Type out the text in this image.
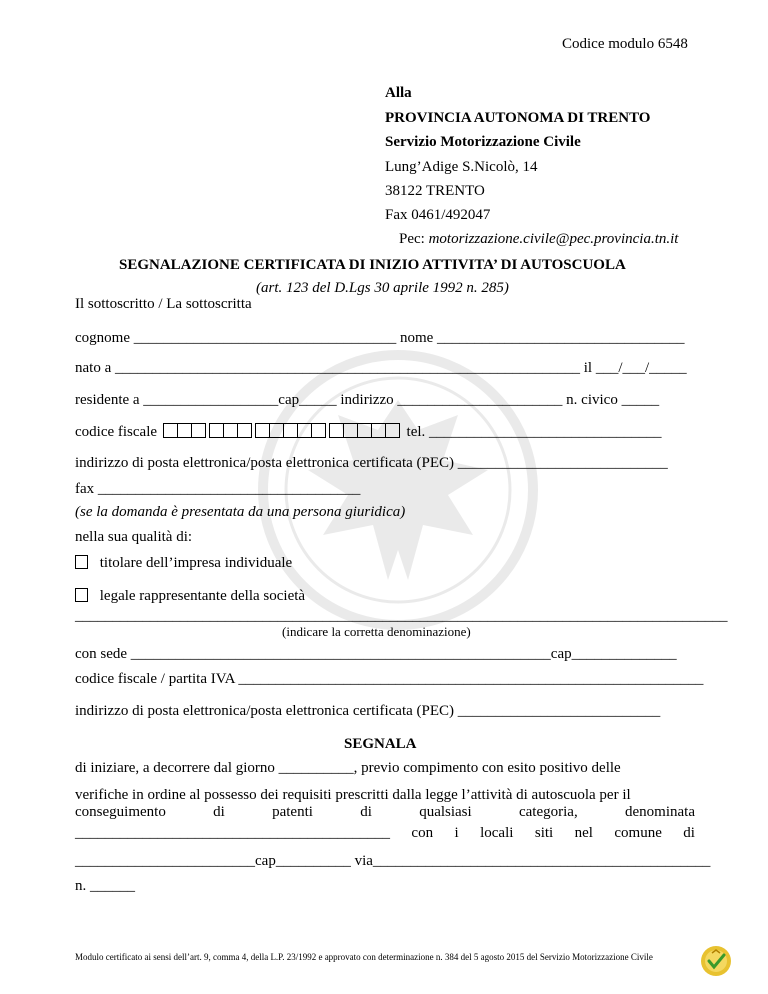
Codice modulo 6548
Alla
PROVINCIA AUTONOMA DI TRENTO
Servizio Motorizzazione Civile
Lung’Adige S.Nicolò, 14
38122 TRENTO
Fax 0461/492047
Pec: motorizzazione.civile@pec.provincia.tn.it
SEGNALAZIONE CERTIFICATA DI INIZIO ATTIVITA’ DI AUTOSCUOLA
(art. 123 del D.Lgs 30 aprile 1992 n. 285)
Il sottoscritto / La sottoscritta
cognome ___________________________________ nome _________________________________
nato a ______________________________________________________________ il ___/___/_____
residente a __________________cap_____ indirizzo ______________________ n. civico _____
codice fiscale	tel. _______________________________
indirizzo di posta elettronica/posta elettronica certificata (PEC) ____________________________
fax ___________________________________
(se la domanda è presentata da una persona giuridica)
nella sua qualità di:
titolare dell’impresa individuale
legale rappresentante della società
_______________________________________________________________________________________
(indicare la corretta denominazione)
con sede ________________________________________________________cap______________
codice fiscale / partita IVA ______________________________________________________________
indirizzo di posta elettronica/posta elettronica certificata (PEC) ___________________________
SEGNALA
di iniziare, a decorrere dal giorno __________, previo compimento con esito positivo delle
verifiche in ordine al possesso dei requisiti prescritti dalla legge l’attività di autoscuola per il
conseguimento	di	patenti	di	qualsiasi	categoria,	denominata
__________________________________________ con i locali siti nel comune di
________________________cap__________ via_____________________________________________
n. ______
Modulo certificato ai sensi dell’art. 9, comma 4, della L.P. 23/1992 e approvato con determinazione n. 384 del 5 agosto 2015 del Servizio Motorizzazione Civile
